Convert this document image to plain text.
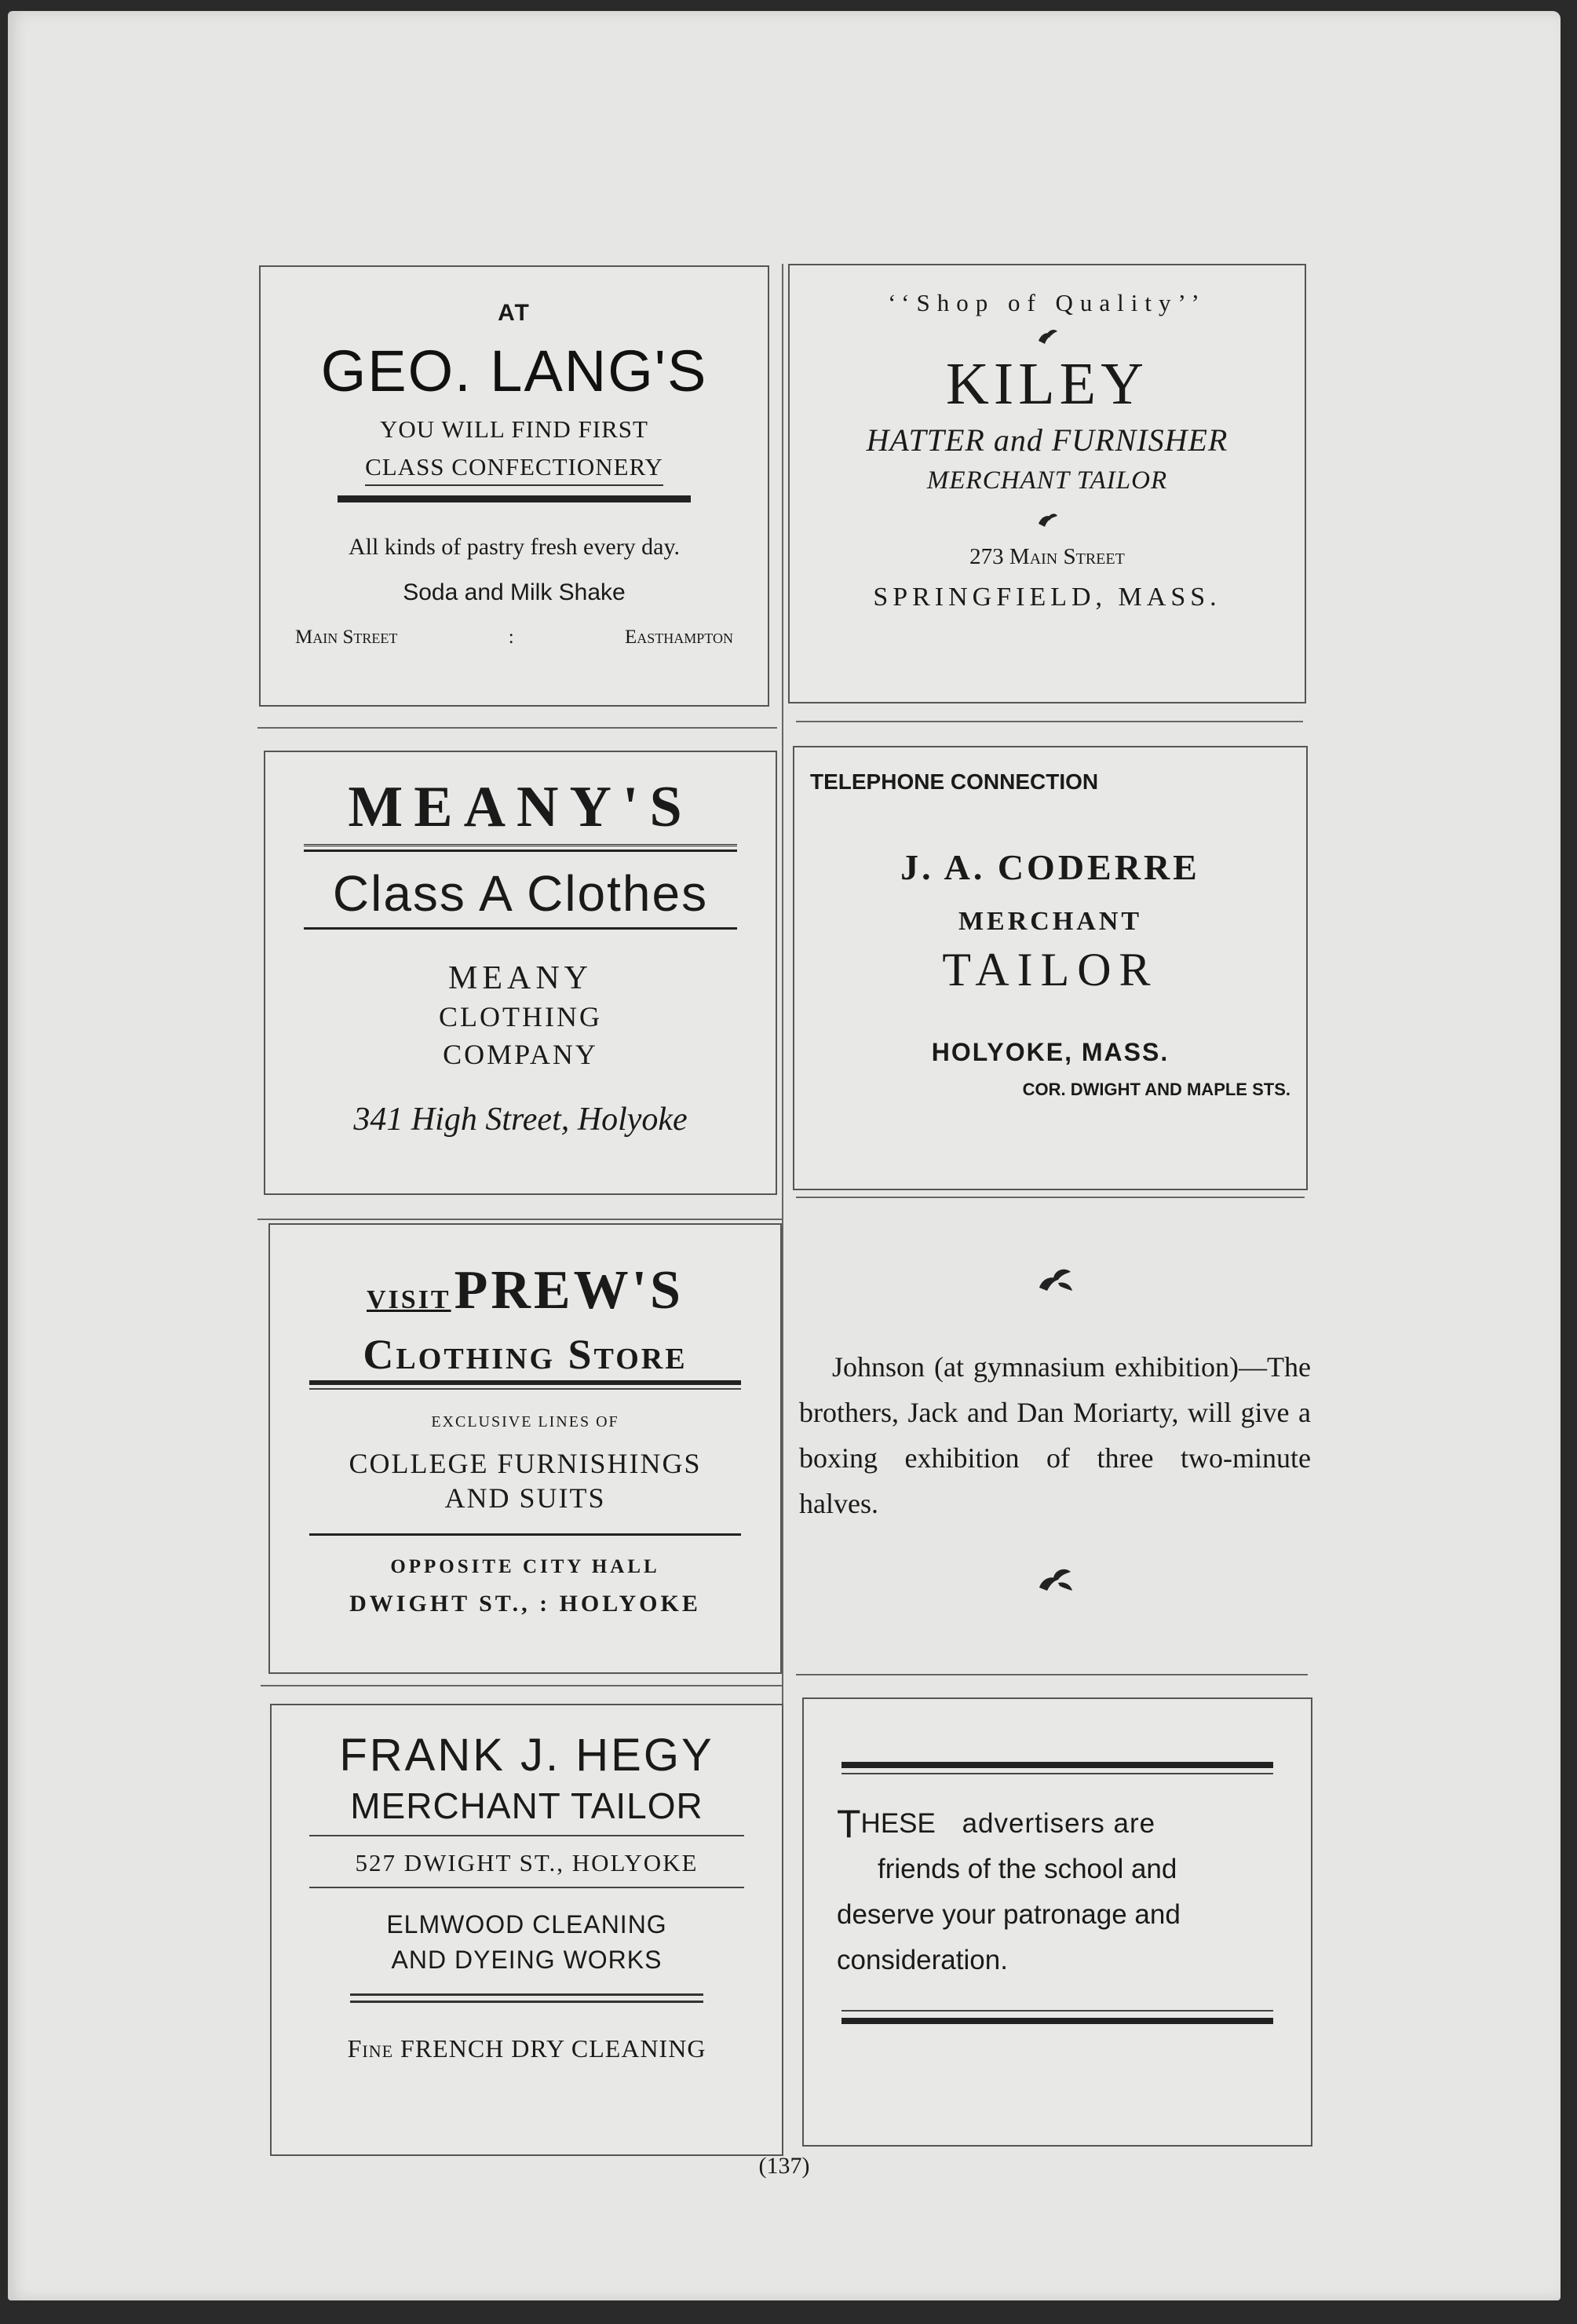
AT

GEO. LANG'S

YOU WILL FIND FIRST

CLASS CONFECTIONERY

All kinds of pastry fresh every day.

Soda and Milk Shake

Main Street	:	Easthampton

‘‘Shop of Quality’’

KILEY

HATTER and FURNISHER

MERCHANT TAILOR

273 Main Street

SPRINGFIELD, MASS.

MEANY'S

Class A Clothes

MEANY

CLOTHING

COMPANY

341 High Street, Holyoke

TELEPHONE CONNECTION

J. A. CODERRE

MERCHANT

TAILOR

HOLYOKE, MASS.

COR. DWIGHT AND MAPLE STS.

VISIT PREW'S

Clothing Store

EXCLUSIVE LINES OF

COLLEGE FURNISHINGS

AND SUITS

OPPOSITE CITY HALL

DWIGHT ST., : HOLYOKE

Johnson (at gymnasium exhibition)—The brothers, Jack and Dan Moriarty, will give a boxing exhibition of three two-minute halves.

FRANK J. HEGY

MERCHANT TAILOR

527 DWIGHT ST., HOLYOKE

ELMWOOD CLEANING

AND DYEING WORKS

Fine FRENCH DRY CLEANING
THESE advertisers are
friends of the school and
deserve your patronage and
consideration.
(137)
